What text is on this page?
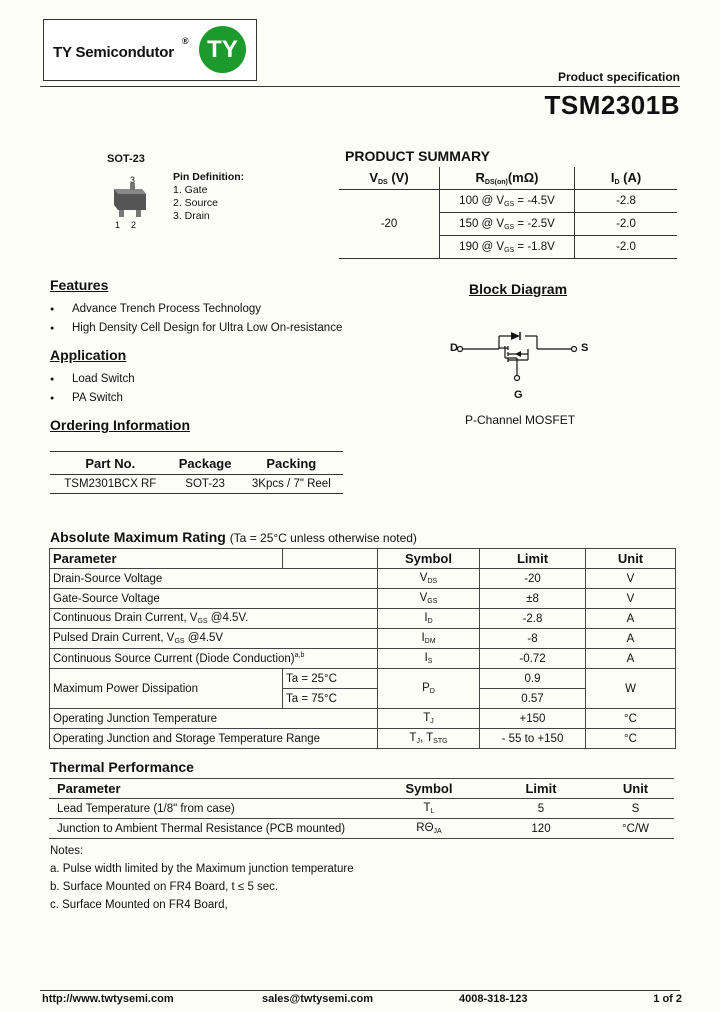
TY Semicondutor
® TY
Product specification
TSM2301B
SOT-23
3
1 2
Pin Definition:
1. Gate
2. Source
3. Drain
PRODUCT SUMMARY
$V_{DS}$ (V)	$R_{DS(on)}(m\Omega)$	$I_D$ (A)
-20	100 @ $V_{GS} = -4.5V$	-2.8
	150 @ $V_{GS} = -2.5V$	-2.0
	190 @ $V_{GS} = -1.8V$	-2.0
Features
● Advance Trench Process Technology
● High Density Cell Design for Ultra Low On-resistance
Application
● Load Switch
● PA Switch
Ordering Information
Part No.	Package	Packing
TSM2301BCX RF	SOT-23	3Kpcs / 7" Reel
Block Diagram
D	S
G
P-Channel MOSFET
Absolute Maximum Rating (Ta = 25°C unless otherwise noted)
Parameter		Symbol	Limit	Unit
Drain-Source Voltage		$V_{DS}$	-20	V
Gate-Source Voltage		$V_{GS}$	±8	V
Continuous Drain Current, $V_{GS}$ @4.5V.		$I_D$	-2.8	A
Pulsed Drain Current, $V_{GS}$ @4.5V		$I_{DM}$	-8	A
Continuous Source Current (Diode Conduction)$^{a,b}$		$I_S$	-0.72	A
Maximum Power Dissipation	Ta = 25°C	$P_D$	0.9	W
	Ta = 75°C		0.57	
Operating Junction Temperature		$T_J$	+150	°C
Operating Junction and Storage Temperature Range		$T_J$, $T_{STG}$	- 55 to +150	°C
Thermal Performance
Parameter	Symbol	Limit	Unit
Lead Temperature (1/8" from case)	$T_L$	5	S
Junction to Ambient Thermal Resistance (PCB mounted)	$R\Theta_{JA}$	120	°C/W
Notes:
a. Pulse width limited by the Maximum junction temperature
b. Surface Mounted on FR4 Board, t ≤ 5 sec.
c. Surface Mounted on FR4 Board,
http://www.twtysemi.com	sales@twtysemi.com	4008-318-123	1 of 2
